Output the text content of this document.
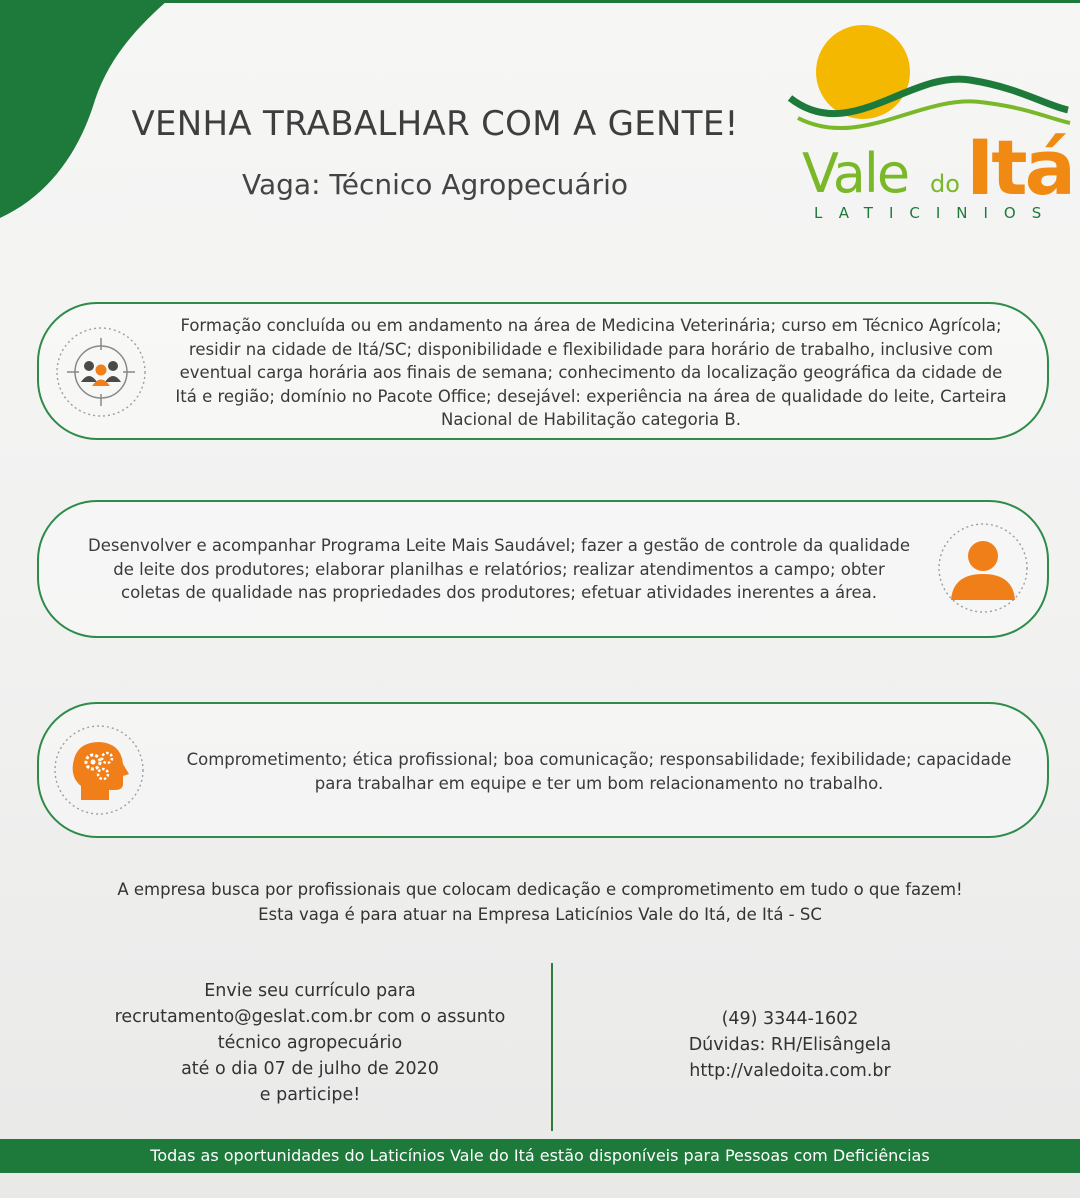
Vale do Itá
LATICINIOS
VENHA TRABALHAR COM A GENTE!
Vaga: Técnico Agropecuário
Formação concluída ou em andamento na área de Medicina Veterinária; curso em Técnico Agrícola;
residir na cidade de Itá/SC; disponibilidade e flexibilidade para horário de trabalho, inclusive com
eventual carga horária aos finais de semana; conhecimento da localização geográfica da cidade de
Itá e região; domínio no Pacote Office; desejável: experiência na área de qualidade do leite, Carteira
Nacional de Habilitação categoria B.
Desenvolver e acompanhar Programa Leite Mais Saudável; fazer a gestão de controle da qualidade
de leite dos produtores; elaborar planilhas e relatórios; realizar atendimentos a campo; obter
coletas de qualidade nas propriedades dos produtores; efetuar atividades inerentes a área.
Comprometimento; ética profissional; boa comunicação; responsabilidade; fexibilidade; capacidade
para trabalhar em equipe e ter um bom relacionamento no trabalho.
A empresa busca por profissionais que colocam dedicação e comprometimento em tudo o que fazem!
Esta vaga é para atuar na Empresa Laticínios Vale do Itá, de Itá - SC
Envie seu currículo para
recrutamento@geslat.com.br com o assunto
técnico agropecuário
até o dia 07 de julho de 2020
e participe!
(49) 3344-1602
Dúvidas: RH/Elisângela
http://valedoita.com.br
Todas as oportunidades do Laticínios Vale do Itá estão disponíveis para Pessoas com Deficiências
